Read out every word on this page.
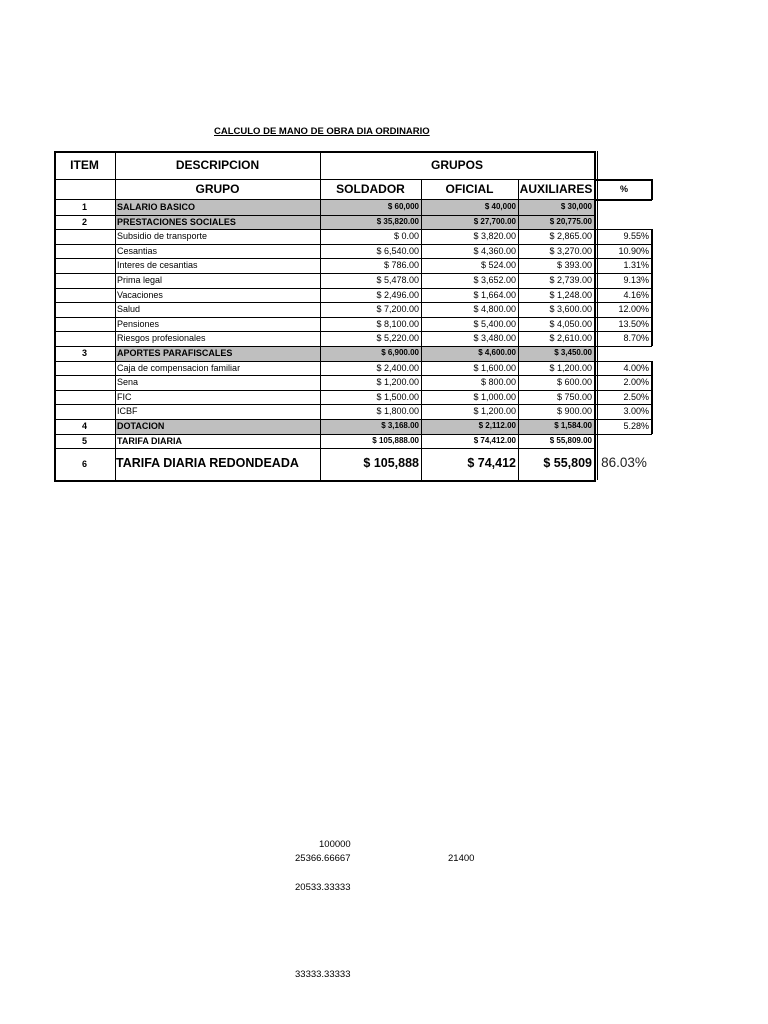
CALCULO DE MANO DE OBRA DIA ORDINARIO
ITEM	DESCRIPCION	GRUPOS
GRUPO	SOLDADOR	OFICIAL	AUXILIARES	%
1	SALARIO BASICO	$ 60,000	$ 40,000	$ 30,000
2	PRESTACIONES SOCIALES	$ 35,820.00	$ 27,700.00	$ 20,775.00
Subsidio de transporte	$ 0.00	$ 3,820.00	$ 2,865.00	9.55%
Cesantias	$ 6,540.00	$ 4,360.00	$ 3,270.00	10.90%
Interes de cesantias	$ 786.00	$ 524.00	$ 393.00	1.31%
Prima legal	$ 5,478.00	$ 3,652.00	$ 2,739.00	9.13%
Vacaciones	$ 2,496.00	$ 1,664.00	$ 1,248.00	4.16%
Salud	$ 7,200.00	$ 4,800.00	$ 3,600.00	12.00%
Pensiones	$ 8,100.00	$ 5,400.00	$ 4,050.00	13.50%
Riesgos profesionales	$ 5,220.00	$ 3,480.00	$ 2,610.00	8.70%
3	APORTES PARAFISCALES	$ 6,900.00	$ 4,600.00	$ 3,450.00
Caja de compensacion familiar	$ 2,400.00	$ 1,600.00	$ 1,200.00	4.00%
Sena	$ 1,200.00	$ 800.00	$ 600.00	2.00%
FIC	$ 1,500.00	$ 1,000.00	$ 750.00	2.50%
ICBF	$ 1,800.00	$ 1,200.00	$ 900.00	3.00%
4	DOTACION	$ 3,168.00	$ 2,112.00	$ 1,584.00	5.28%
5	TARIFA DIARIA	$ 105,888.00	$ 74,412.00	$ 55,809.00
6	TARIFA DIARIA REDONDEADA	$ 105,888	$ 74,412	$ 55,809 86.03%
100000
25366.66667	21400
20533.33333
33333.33333
